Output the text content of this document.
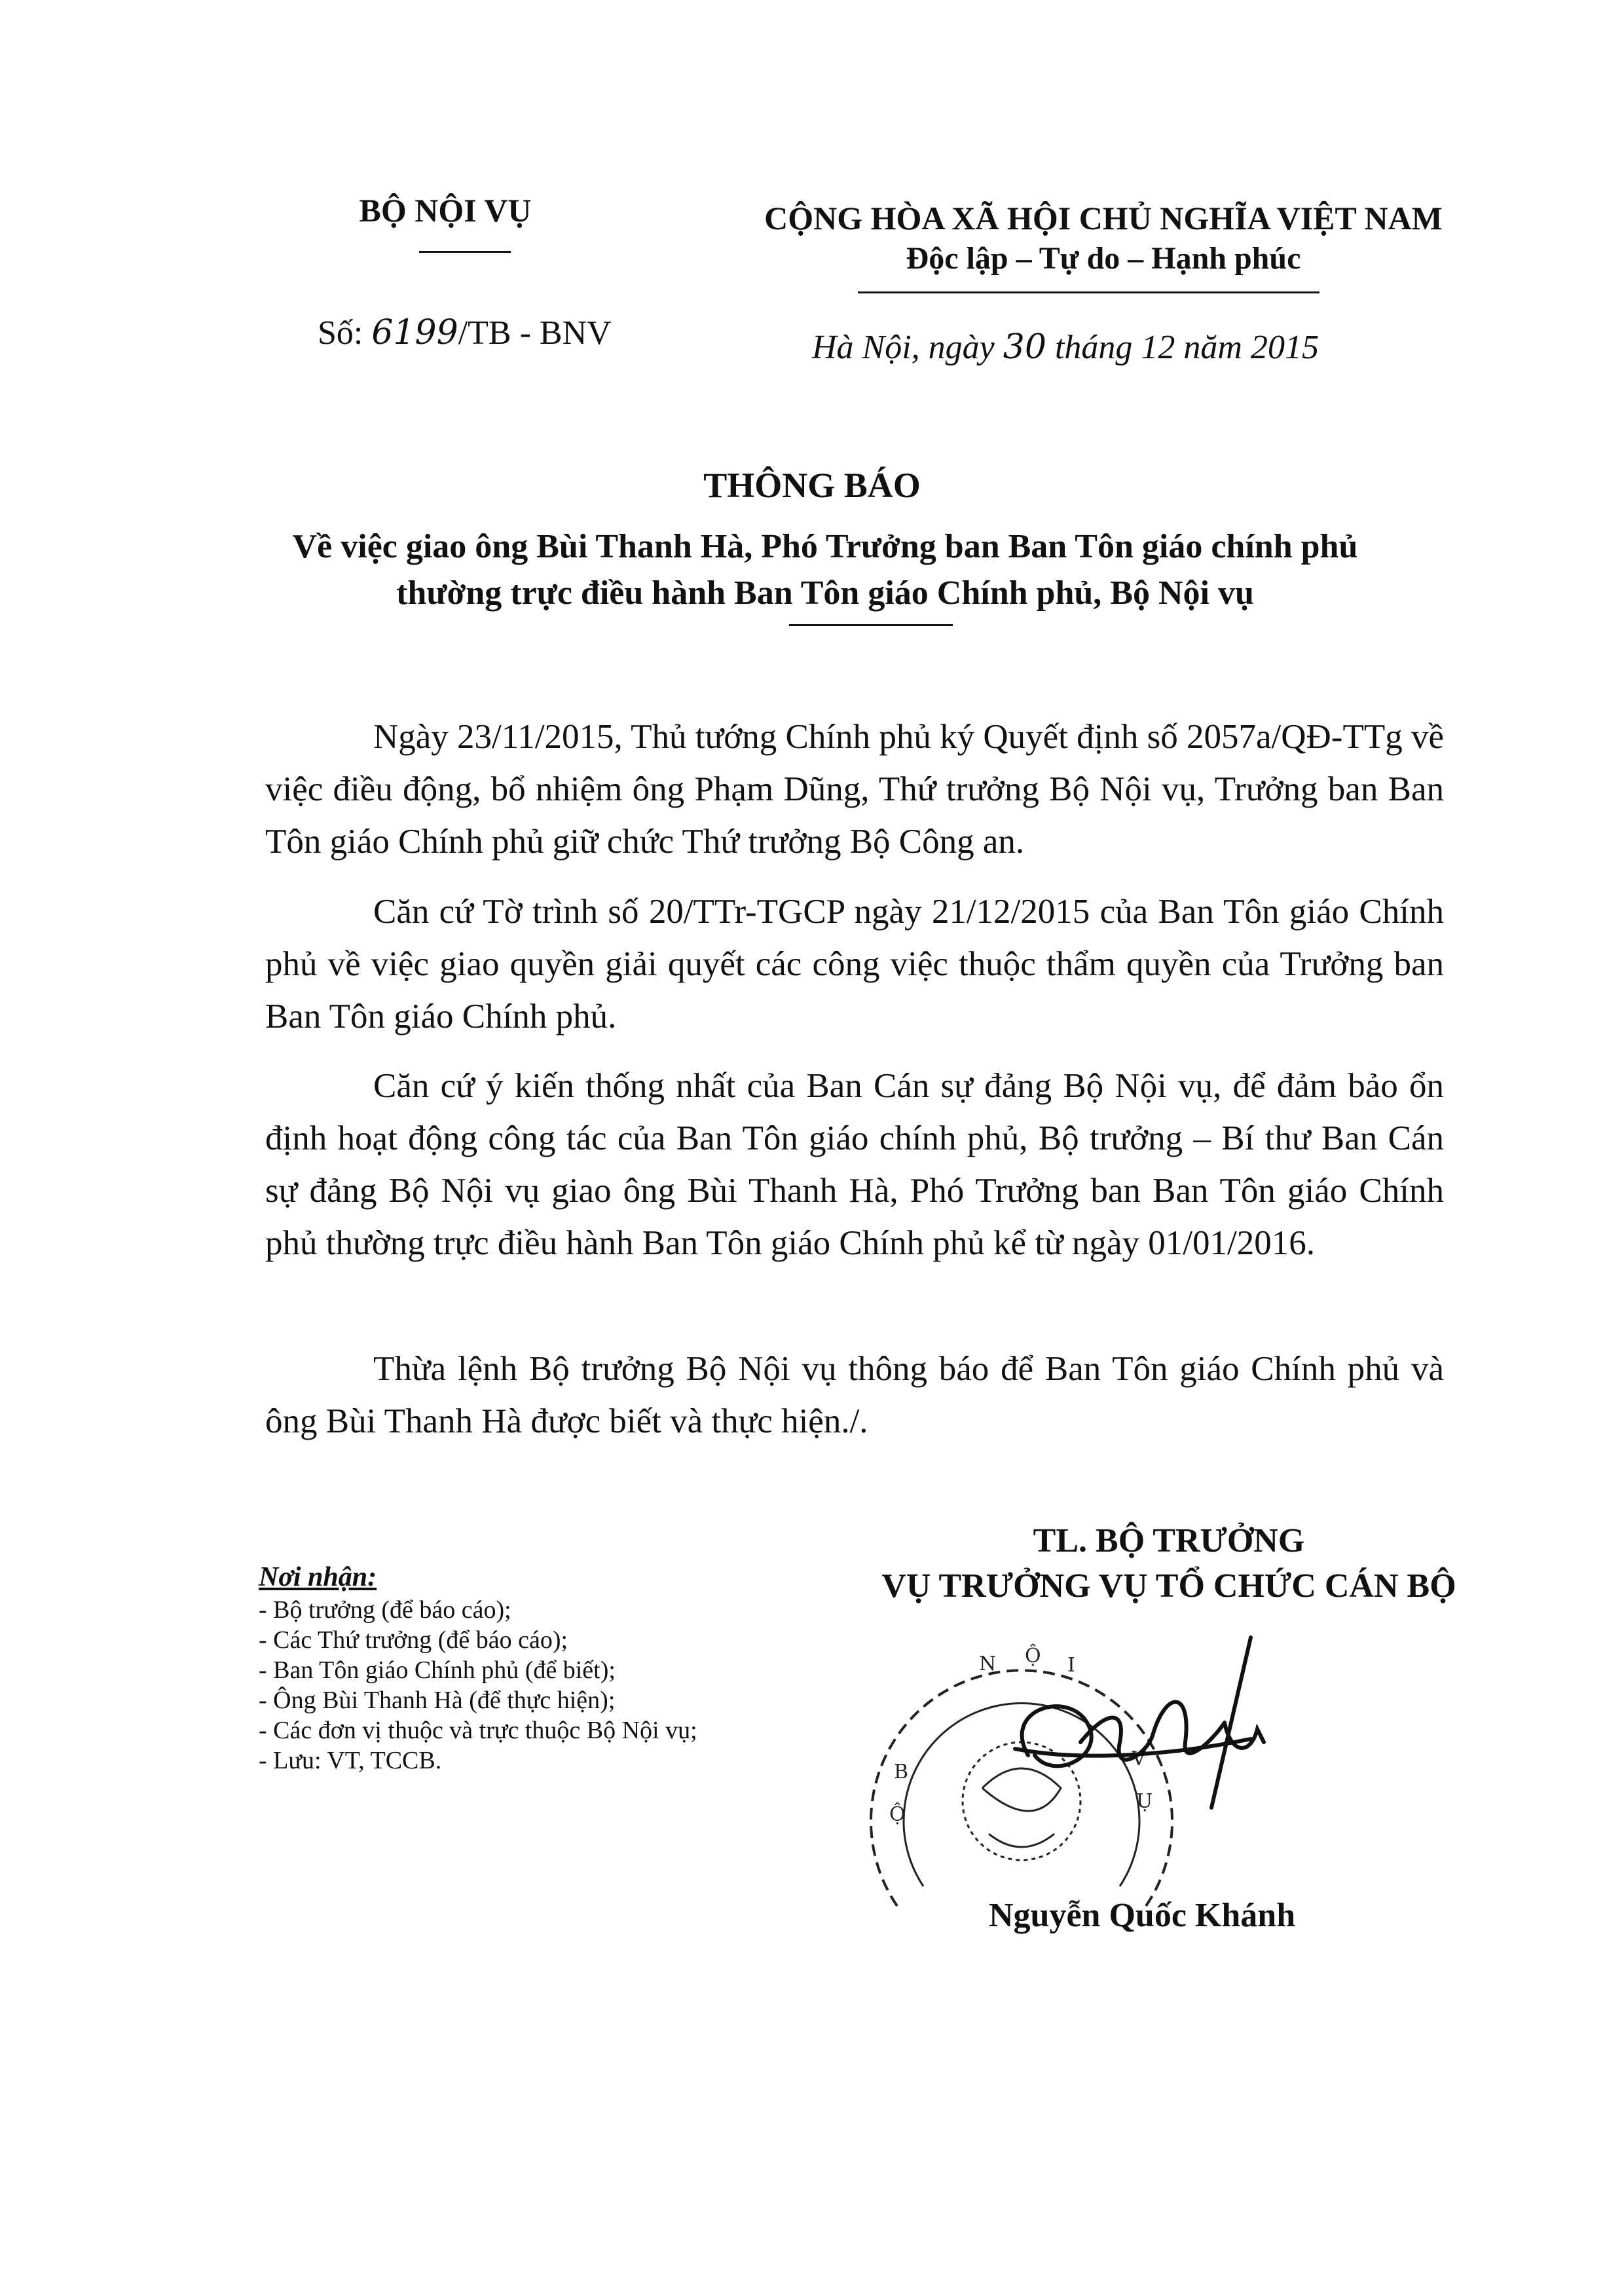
BỘ NỘI VỤ
Số: 6199/TB - BNV
CỘNG HÒA XÃ HỘI CHỦ NGHĨA VIỆT NAM
Độc lập – Tự do – Hạnh phúc
Hà Nội, ngày 30 tháng 12 năm 2015
THÔNG BÁO
Về việc giao ông Bùi Thanh Hà, Phó Trưởng ban Ban Tôn giáo chính phủ
thường trực điều hành Ban Tôn giáo Chính phủ, Bộ Nội vụ
Ngày 23/11/2015, Thủ tướng Chính phủ ký Quyết định số 2057a/QĐ-TTg về việc điều động, bổ nhiệm ông Phạm Dũng, Thứ trưởng Bộ Nội vụ, Trưởng ban Ban Tôn giáo Chính phủ giữ chức Thứ trưởng Bộ Công an.
Căn cứ Tờ trình số 20/TTr-TGCP ngày 21/12/2015 của Ban Tôn giáo Chính phủ về việc giao quyền giải quyết các công việc thuộc thẩm quyền của Trưởng ban Ban Tôn giáo Chính phủ.
Căn cứ ý kiến thống nhất của Ban Cán sự đảng Bộ Nội vụ, để đảm bảo ổn định hoạt động công tác của Ban Tôn giáo chính phủ, Bộ trưởng – Bí thư Ban Cán sự đảng Bộ Nội vụ giao ông Bùi Thanh Hà, Phó Trưởng ban Ban Tôn giáo Chính phủ thường trực điều hành Ban Tôn giáo Chính phủ kể từ ngày 01/01/2016.
Thừa lệnh Bộ trưởng Bộ Nội vụ thông báo để Ban Tôn giáo Chính phủ và ông Bùi Thanh Hà được biết và thực hiện./.
TL. BỘ TRƯỞNG
VỤ TRƯỞNG VỤ TỔ CHỨC CÁN BỘ
Nơi nhận:
- Bộ trưởng (để báo cáo);
- Các Thứ trưởng (để báo cáo);
- Ban Tôn giáo Chính phủ (để biết);
- Ông Bùi Thanh Hà (để thực hiện);
- Các đơn vị thuộc và trực thuộc Bộ Nội vụ;
- Lưu: VT, TCCB.
N Ộ I
B
Ộ
V
Ụ
Nguyễn Quốc Khánh
